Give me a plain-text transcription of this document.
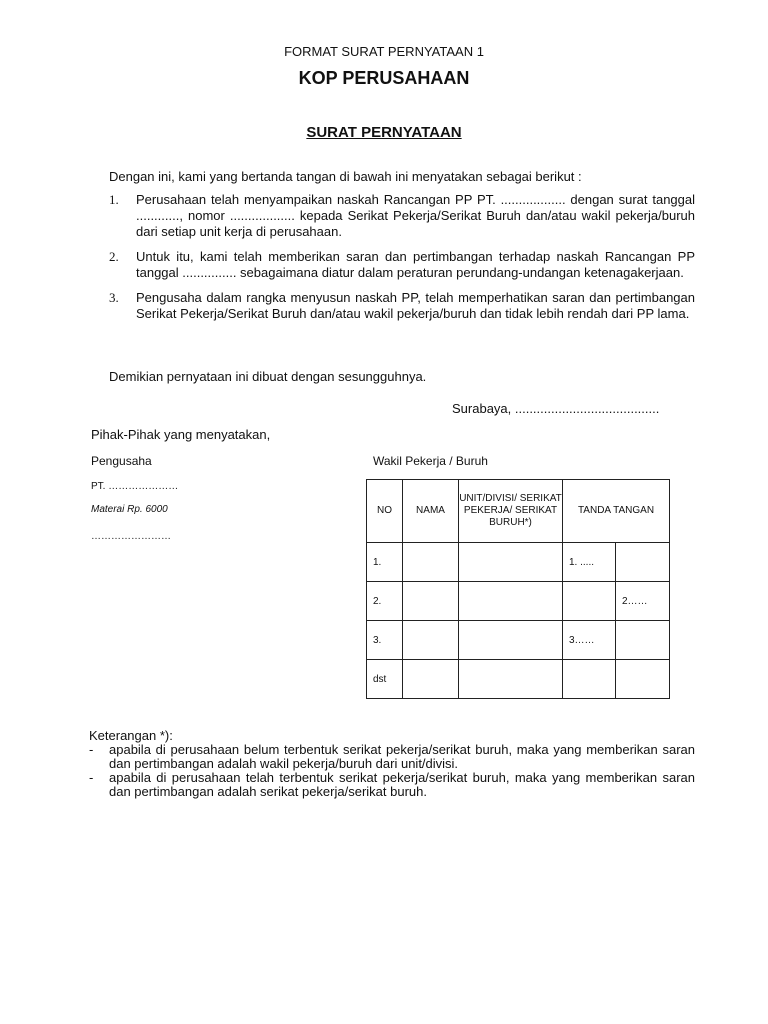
FORMAT SURAT PERNYATAAN 1
KOP PERUSAHAAN
SURAT PERNYATAAN
Dengan ini, kami yang bertanda tangan di bawah ini menyatakan sebagai berikut :
1. Perusahaan telah menyampaikan naskah Rancangan PP PT. .................. dengan surat tanggal ............, nomor .................. kepada Serikat Pekerja/Serikat Buruh dan/atau wakil pekerja/buruh dari setiap unit kerja di perusahaan.
2. Untuk itu, kami telah memberikan saran dan pertimbangan terhadap naskah Rancangan PP tanggal ............... sebagaimana diatur dalam peraturan perundang-undangan ketenagakerjaan.
3. Pengusaha dalam rangka menyusun naskah PP, telah memperhatikan saran dan pertimbangan Serikat Pekerja/Serikat Buruh dan/atau wakil pekerja/buruh dan tidak lebih rendah dari PP lama.
Demikian pernyataan ini dibuat dengan sesungguhnya.
Surabaya, ........................................
Pihak-Pihak yang menyatakan,
Pengusaha	Wakil Pekerja / Buruh
PT. …………………
Materai Rp. 6000
……………………
NO	NAMA	UNIT/DIVISI/ SERIKAT PEKERJA/ SERIKAT BURUH*)	TANDA TANGAN	
1.			1. .....	
2.				2……
3.			3……	
dst				
Keterangan *):
- apabila di perusahaan belum terbentuk serikat pekerja/serikat buruh, maka yang memberikan saran dan pertimbangan adalah wakil pekerja/buruh dari unit/divisi.
- apabila di perusahaan telah terbentuk serikat pekerja/serikat buruh, maka yang memberikan saran dan pertimbangan adalah serikat pekerja/serikat buruh.
